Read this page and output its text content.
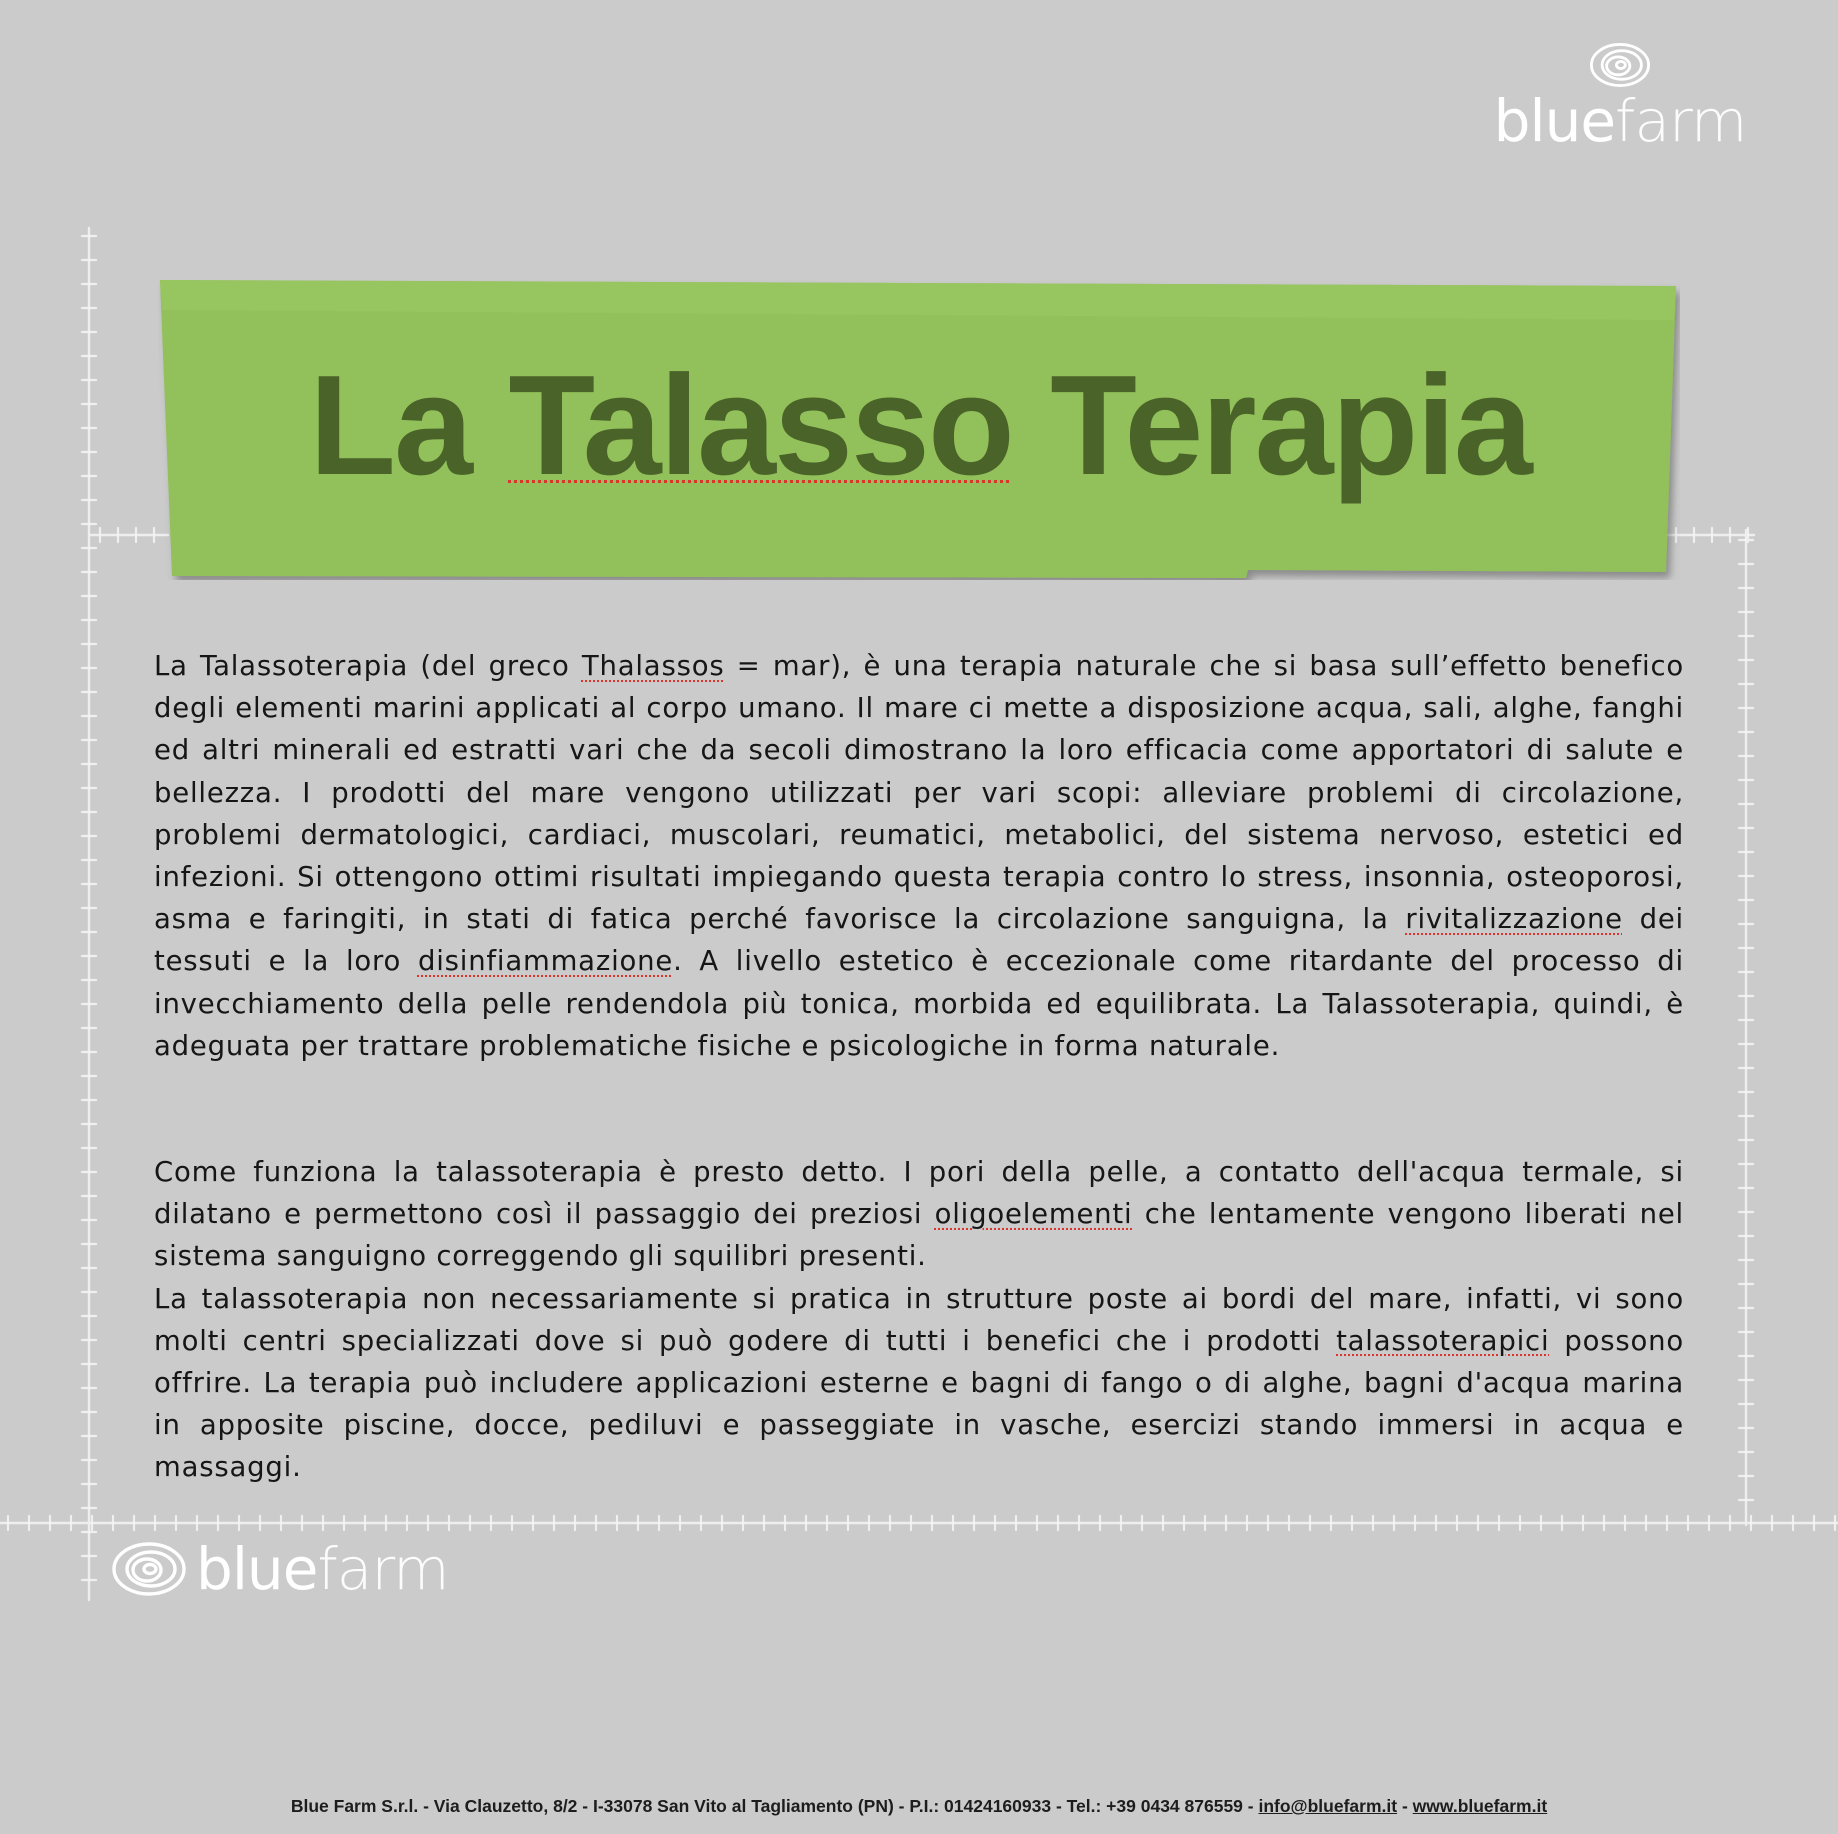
blue farm
La Talasso Terapia

La Talassoterapia (del greco Thalassos = mar), è una terapia naturale che si basa sull’effetto benefico degli elementi marini applicati al corpo umano. Il mare ci mette a disposizione acqua, sali, alghe, fanghi ed altri minerali ed estratti vari che da secoli dimostrano la loro efficacia come apportatori di salute e bellezza. I prodotti del mare vengono utilizzati per vari scopi: alleviare problemi di circolazione, problemi dermatologici, cardiaci, muscolari, reumatici, metabolici, del sistema nervoso, estetici ed infezioni. Si ottengono ottimi risultati impiegando questa terapia contro lo stress, insonnia, osteoporosi, asma e faringiti, in stati di fatica perché favorisce la circolazione sanguigna, la rivitalizzazione dei tessuti e la loro disinfiammazione. A livello estetico è eccezionale come ritardante del processo di invecchiamento della pelle rendendola più tonica, morbida ed equilibrata. La Talassoterapia, quindi, è adeguata per trattare problematiche fisiche e psicologiche in forma naturale.

Come funziona la talassoterapia è presto detto. I pori della pelle, a contatto dell'acqua termale, si dilatano e permettono così il passaggio dei preziosi oligoelementi che lentamente vengono liberati nel sistema sanguigno correggendo gli squilibri presenti.

La talassoterapia non necessariamente si pratica in strutture poste ai bordi del mare, infatti, vi sono molti centri specializzati dove si può godere di tutti i benefici che i prodotti talassoterapici possono offrire. La terapia può includere applicazioni esterne e bagni di fango o di alghe, bagni d'acqua marina in apposite piscine, docce, pediluvi e passeggiate in vasche, esercizi stando immersi in acqua e massaggi.

blue farm
Blue Farm S.r.l. - Via Clauzetto, 8/2 - I-33078 San Vito al Tagliamento (PN) - P.I.: 01424160933 - Tel.: +39 0434 876559 - info@bluefarm.it - www.bluefarm.it
